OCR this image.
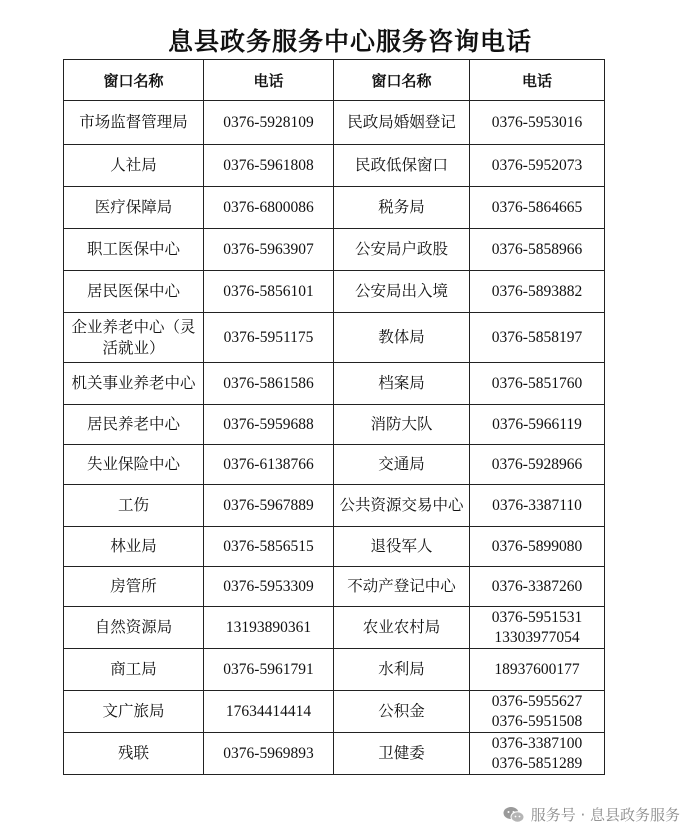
息县政务服务中心服务咨询电话
窗口名称	电话	窗口名称	电话
市场监督管理局	0376-5928109	民政局婚姻登记	0376-5953016

人社局	0376-5961808	民政低保窗口	0376-5952073

医疗保障局	0376-6800086	税务局	0376-5864665

职工医保中心	0376-5963907	公安局户政股	0376-5858966

居民医保中心	0376-5856101	公安局出入境	0376-5893882

企业养老中心（灵活就业）	0376-5951175	教体局	0376-5858197

机关事业养老中心	0376-5861586	档案局	0376-5851760

居民养老中心	0376-5959688	消防大队	0376-5966119

失业保险中心	0376-6138766	交通局	0376-5928966

工伤	0376-5967889	公共资源交易中心	0376-3387110

林业局	0376-5856515	退役军人	0376-5899080

房管所	0376-5953309	不动产登记中心	0376-3387260

自然资源局	13193890361	农业农村局	0376-5951531
13303977054

商工局	0376-5961791	水利局	18937600177

文广旅局	17634414414	公积金	0376-5955627
0376-5951508

残联	0376-5969893	卫健委	0376-3387100
0376-5851289
服务号 · 息县政务服务
